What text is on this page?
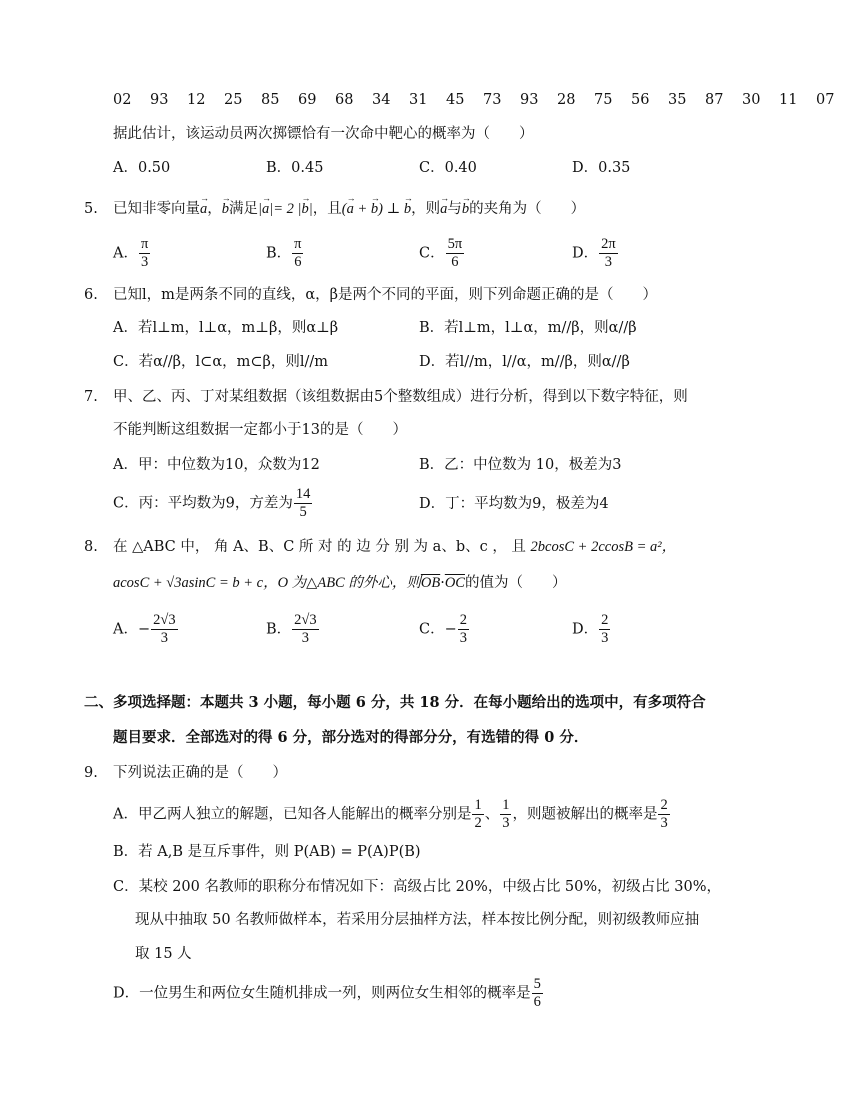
02 93 12 25 85 69 68 34 31 45 73 93 28 75 56 35 87 30 11 07
据此估计，该运动员两次掷镖恰有一次命中靶心的概率为（　　）
A．0.50	B．0.45	C．0.40	D．0.35
5. 已知非零向量→ a，→ b满足|→ a|= 2 |→ b|，且(→ a + → b) ⊥ → b，则→ a与→ b的夹角为（　　）
A． $\frac{\pi}{3}$	B． $\frac{\pi}{6}$	C． $\frac{5\pi}{6}$	D． $\frac{2\pi}{3}$
6. 已知l，m是两条不同的直线，α，β是两个不同的平面，则下列命题正确的是（　　）
A．若l⊥m，l⊥α，m⊥β，则α⊥β	B．若l⊥m，l⊥α，m//β，则α//β
C．若α//β，l⊂α，m⊂β，则l//m	D．若l//m，l//α，m//β，则α//β
7. 甲、乙、丙、丁对某组数据（该组数据由5个整数组成）进行分析，得到以下数字特征，则
不能判断这组数据一定都小于13的是（　　）
A．甲：中位数为10，众数为12	B．乙：中位数为 10，极差为3
C．丙：平均数为9，方差为 $\frac{14}{5}$	D．丁：平均数为9，极差为4
8. 在 △ABC 中， 角 A、B、C 所 对 的 边 分 别 为 a、b、c ， 且 2bcosC + 2ccosB = a²，
acosC + √3asinC = b + c，O 为△ABC 的外心，则$\overline{OB}\cdot\overline{OC}$的值为（　　）
A．− $\frac{2√3}{3}$	B． $\frac{2√3}{3}$	C．− $\frac{2}{3}$	D． $\frac{2}{3}$
二、多项选择题：本题共 3 小题，每小题 6 分，共 18 分．在每小题给出的选项中，有多项符合
题目要求．全部选对的得 6 分，部分选对的得部分分，有选错的得 0 分．
9. 下列说法正确的是（　　）
A．甲乙两人独立的解题，已知各人能解出的概率分别是 $\frac{1}{2}$ 、 $\frac{1}{3}$ ，则题被解出的概率是 $\frac{2}{3}$
B．若 A,B 是互斥事件，则 P(AB) = P(A)P(B)
C．某校 200 名教师的职称分布情况如下：高级占比 20%，中级占比 50%，初级占比 30%，
现从中抽取 50 名教师做样本，若采用分层抽样方法，样本按比例分配，则初级教师应抽
取 15 人
D．一位男生和两位女生随机排成一列，则两位女生相邻的概率是 $\frac{5}{6}$
